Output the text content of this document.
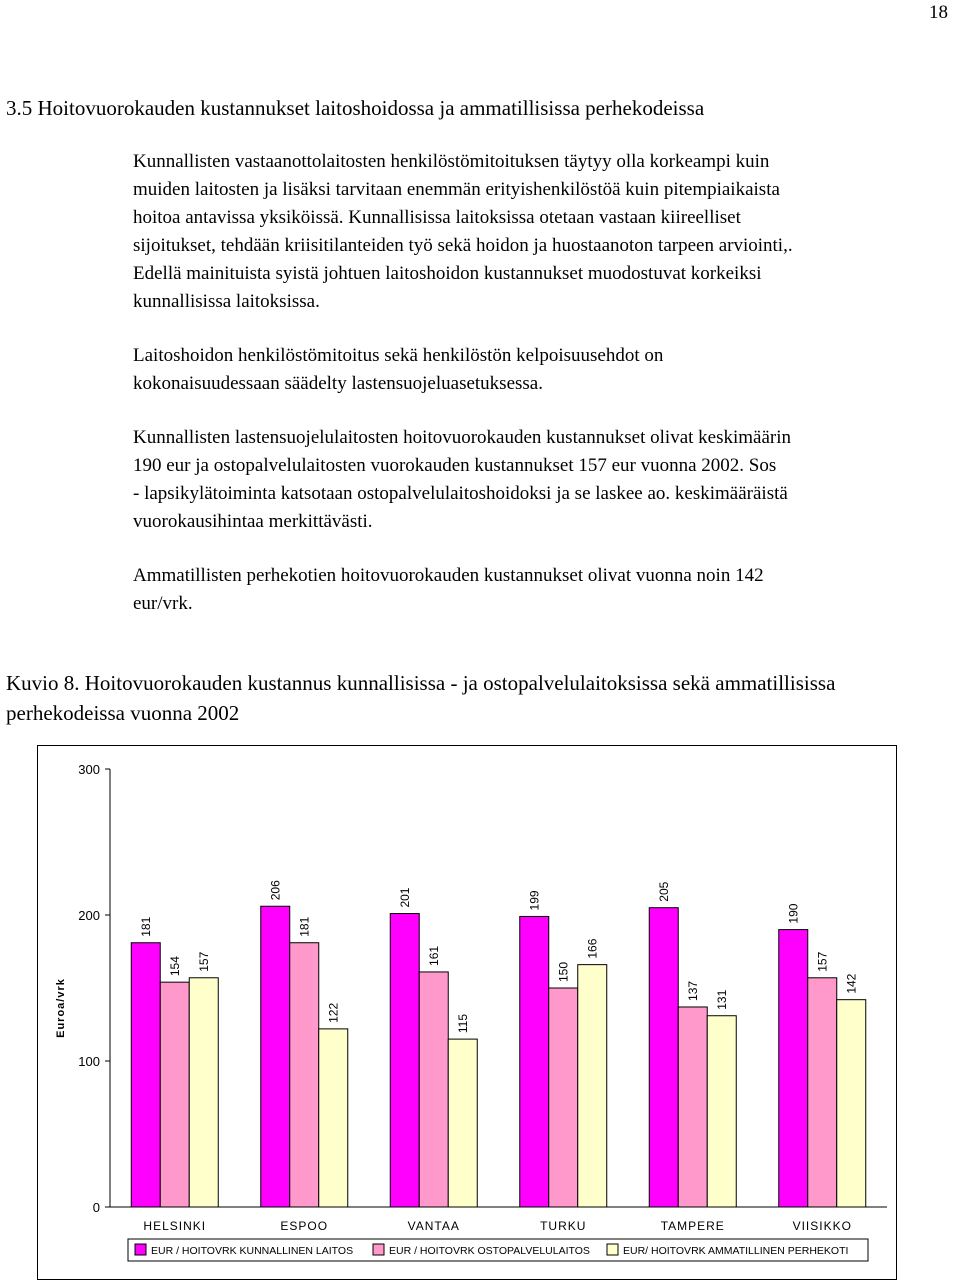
18
3.5 Hoitovuorokauden kustannukset laitoshoidossa ja ammatillisissa perhekodeissa
Kunnallisten vastaanottolaitosten henkilöstömitoituksen täytyy olla korkeampi kuin
muiden laitosten ja lisäksi tarvitaan enemmän erityishenkilöstöä kuin pitempiaikaista
hoitoa antavissa yksiköissä. Kunnallisissa laitoksissa otetaan vastaan kiireelliset
sijoitukset, tehdään kriisitilanteiden työ sekä hoidon ja huostaanoton tarpeen arviointi,.
Edellä mainituista syistä johtuen laitoshoidon kustannukset muodostuvat korkeiksi
kunnallisissa laitoksissa.
Laitoshoidon henkilöstömitoitus sekä henkilöstön kelpoisuusehdot on
kokonaisuudessaan säädelty lastensuojeluasetuksessa.
Kunnallisten lastensuojelulaitosten hoitovuorokauden kustannukset olivat keskimäärin
190 eur ja ostopalvelulaitosten vuorokauden kustannukset 157 eur vuonna 2002. Sos
- lapsikylätoiminta katsotaan ostopalvelulaitoshoidoksi ja se laskee ao. keskimääräistä
vuorokausihintaa merkittävästi.
Ammatillisten perhekotien hoitovuorokauden kustannukset olivat vuonna noin 142
eur/vrk.
Kuvio 8. Hoitovuorokauden kustannus kunnallisissa - ja ostopalvelulaitoksissa sekä ammatillisissa
perhekodeissa vuonna 2002
0
100
200
300
Euroa/vrk
181
154 157
HELSINKI
206
181
122
ESPOO
201
161
115
VANTAA
199
150
166
TURKU
205
137 131
TAMPERE
190
157
142
VIISIKKO
EUR / HOITOVRK KUNNALLINEN LAITOS	EUR / HOITOVRK OSTOPALVELULAITOS	EUR/ HOITOVRK AMMATILLINEN PERHEKOTI
